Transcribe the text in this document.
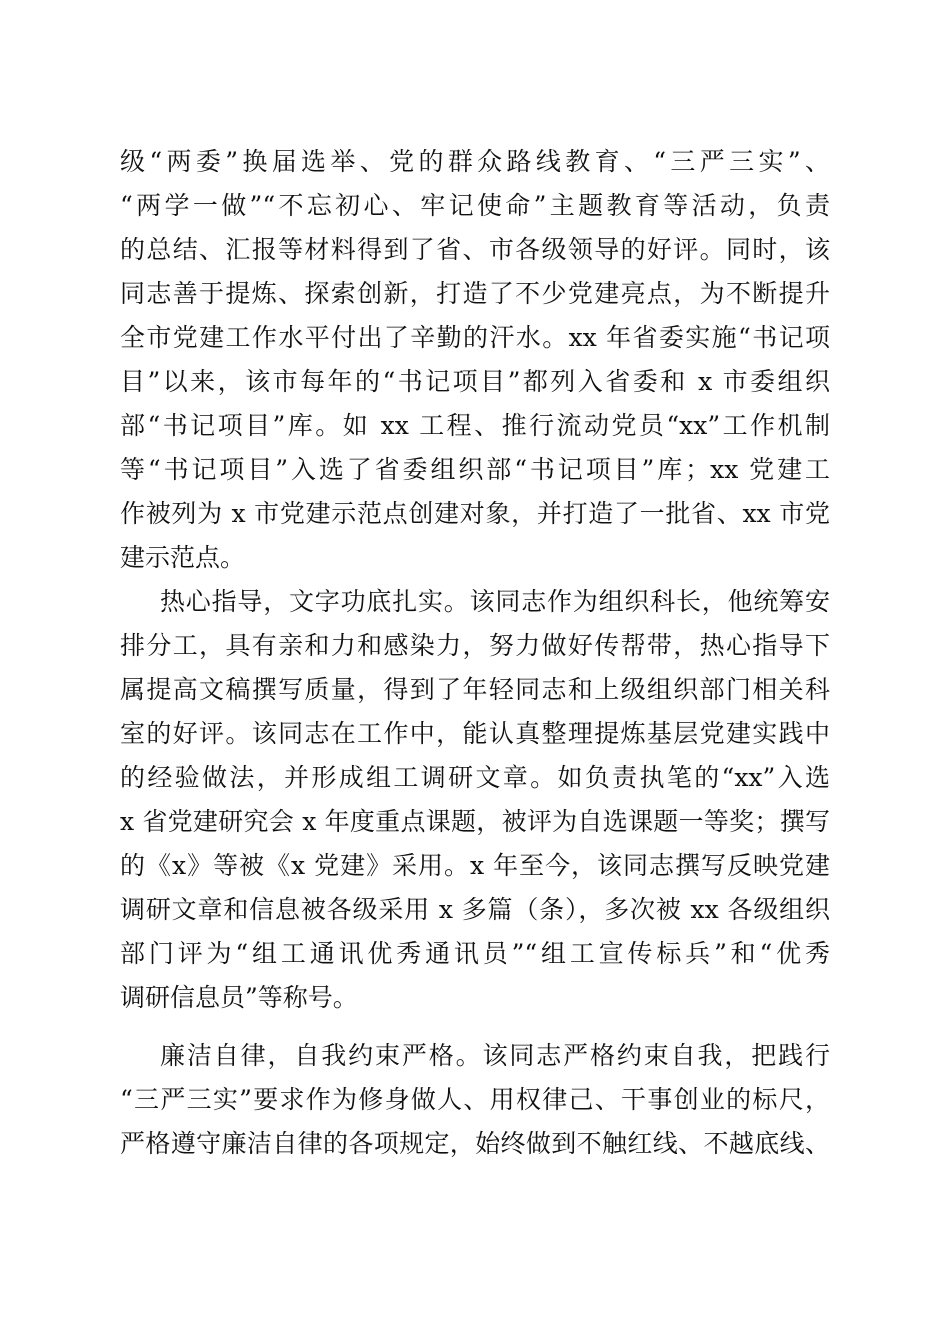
级“两委”换届选举、党的群众路线教育、“三严三实”、
“两学一做”“不忘初心、牢记使命”主题教育等活动，负责
的总结、汇报等材料得到了省、市各级领导的好评。同时，该
同志善于提炼、探索创新，打造了不少党建亮点，为不断提升
全市党建工作水平付出了辛勤的汗水。xx 年省委实施“书记项
目”以来，该市每年的“书记项目”都列入省委和 x 市委组织
部“书记项目”库。如 xx 工程、推行流动党员“xx”工作机制
等“书记项目”入选了省委组织部“书记项目”库；xx 党建工
作被列为 x 市党建示范点创建对象，并打造了一批省、xx 市党
建示范点。
热心指导，文字功底扎实。该同志作为组织科长，他统筹安
排分工，具有亲和力和感染力，努力做好传帮带，热心指导下
属提高文稿撰写质量，得到了年轻同志和上级组织部门相关科
室的好评。该同志在工作中，能认真整理提炼基层党建实践中
的经验做法，并形成组工调研文章。如负责执笔的“xx”入选
x 省党建研究会 x 年度重点课题，被评为自选课题一等奖；撰写
的《x》等被《x 党建》采用。x 年至今，该同志撰写反映党建
调研文章和信息被各级采用 x 多篇（条），多次被 xx 各级组织
部门评为“组工通讯优秀通讯员”“组工宣传标兵”和“优秀
调研信息员”等称号。
廉洁自律，自我约束严格。该同志严格约束自我，把践行
“三严三实”要求作为修身做人、用权律己、干事创业的标尺，
严格遵守廉洁自律的各项规定，始终做到不触红线、不越底线、
